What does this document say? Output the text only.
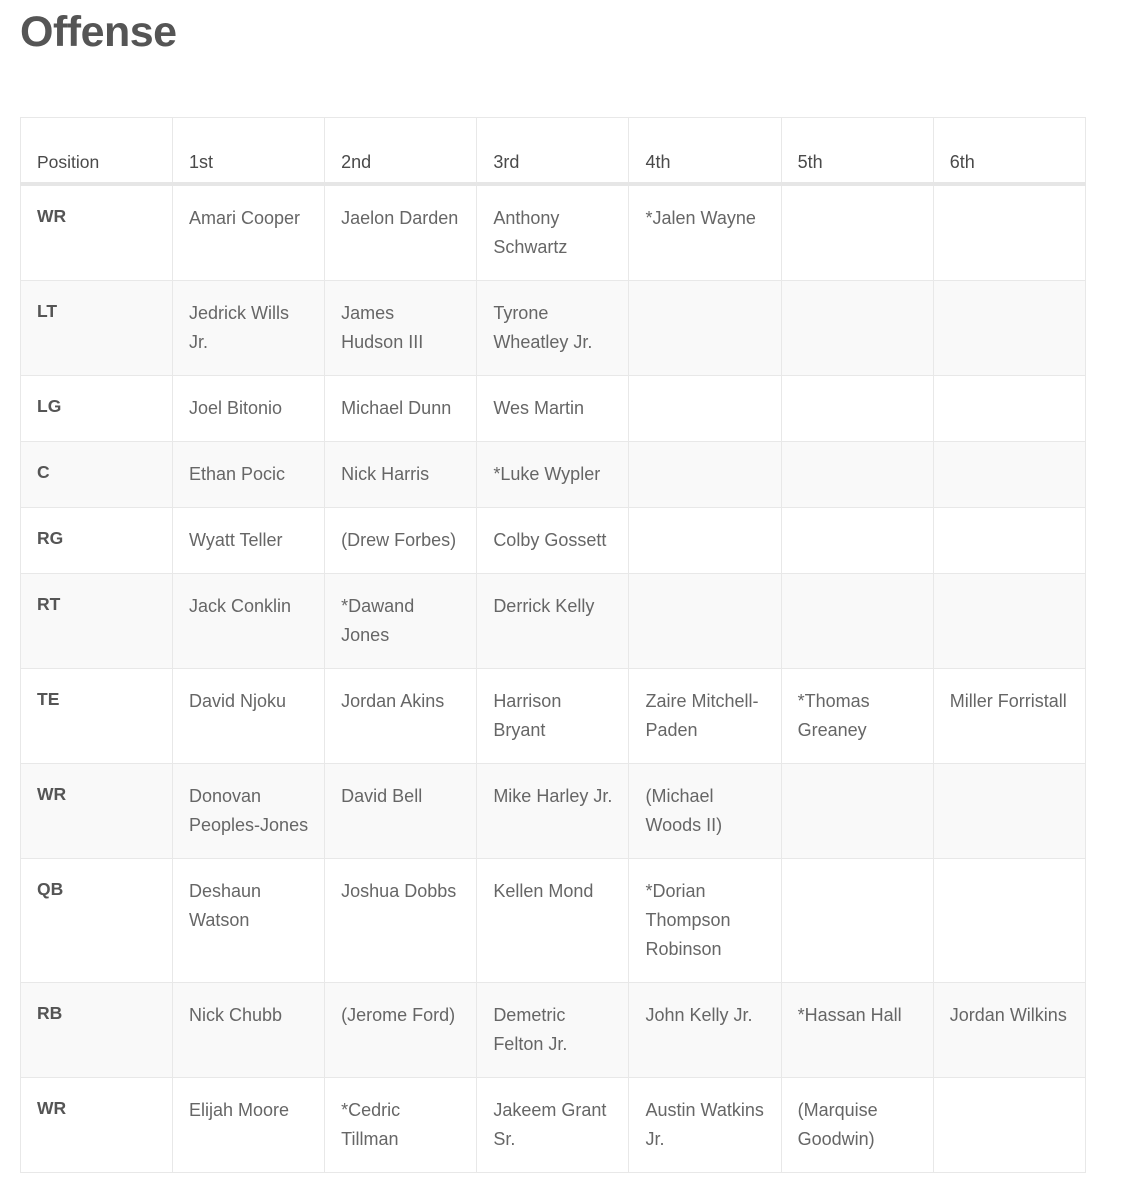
Offense
Position	1st	2nd	3rd	4th	5th	6th
WR	Amari Cooper	Jaelon Darden	Anthony Schwartz	*Jalen Wayne		
LT	Jedrick Wills Jr.	James Hudson III	Tyrone Wheatley Jr.			
LG	Joel Bitonio	Michael Dunn	Wes Martin			
C	Ethan Pocic	Nick Harris	*Luke Wypler			
RG	Wyatt Teller	(Drew Forbes)	Colby Gossett			
RT	Jack Conklin	*Dawand Jones	Derrick Kelly			
TE	David Njoku	Jordan Akins	Harrison Bryant	Zaire Mitchell-Paden	*Thomas Greaney	Miller Forristall
WR	Donovan Peoples-Jones	David Bell	Mike Harley Jr.	(Michael Woods II)		
QB	Deshaun Watson	Joshua Dobbs	Kellen Mond	*Dorian Thompson Robinson		
RB	Nick Chubb	(Jerome Ford)	Demetric Felton Jr.	John Kelly Jr.	*Hassan Hall	Jordan Wilkins
WR	Elijah Moore	*Cedric Tillman	Jakeem Grant Sr.	Austin Watkins Jr.	(Marquise Goodwin)	
